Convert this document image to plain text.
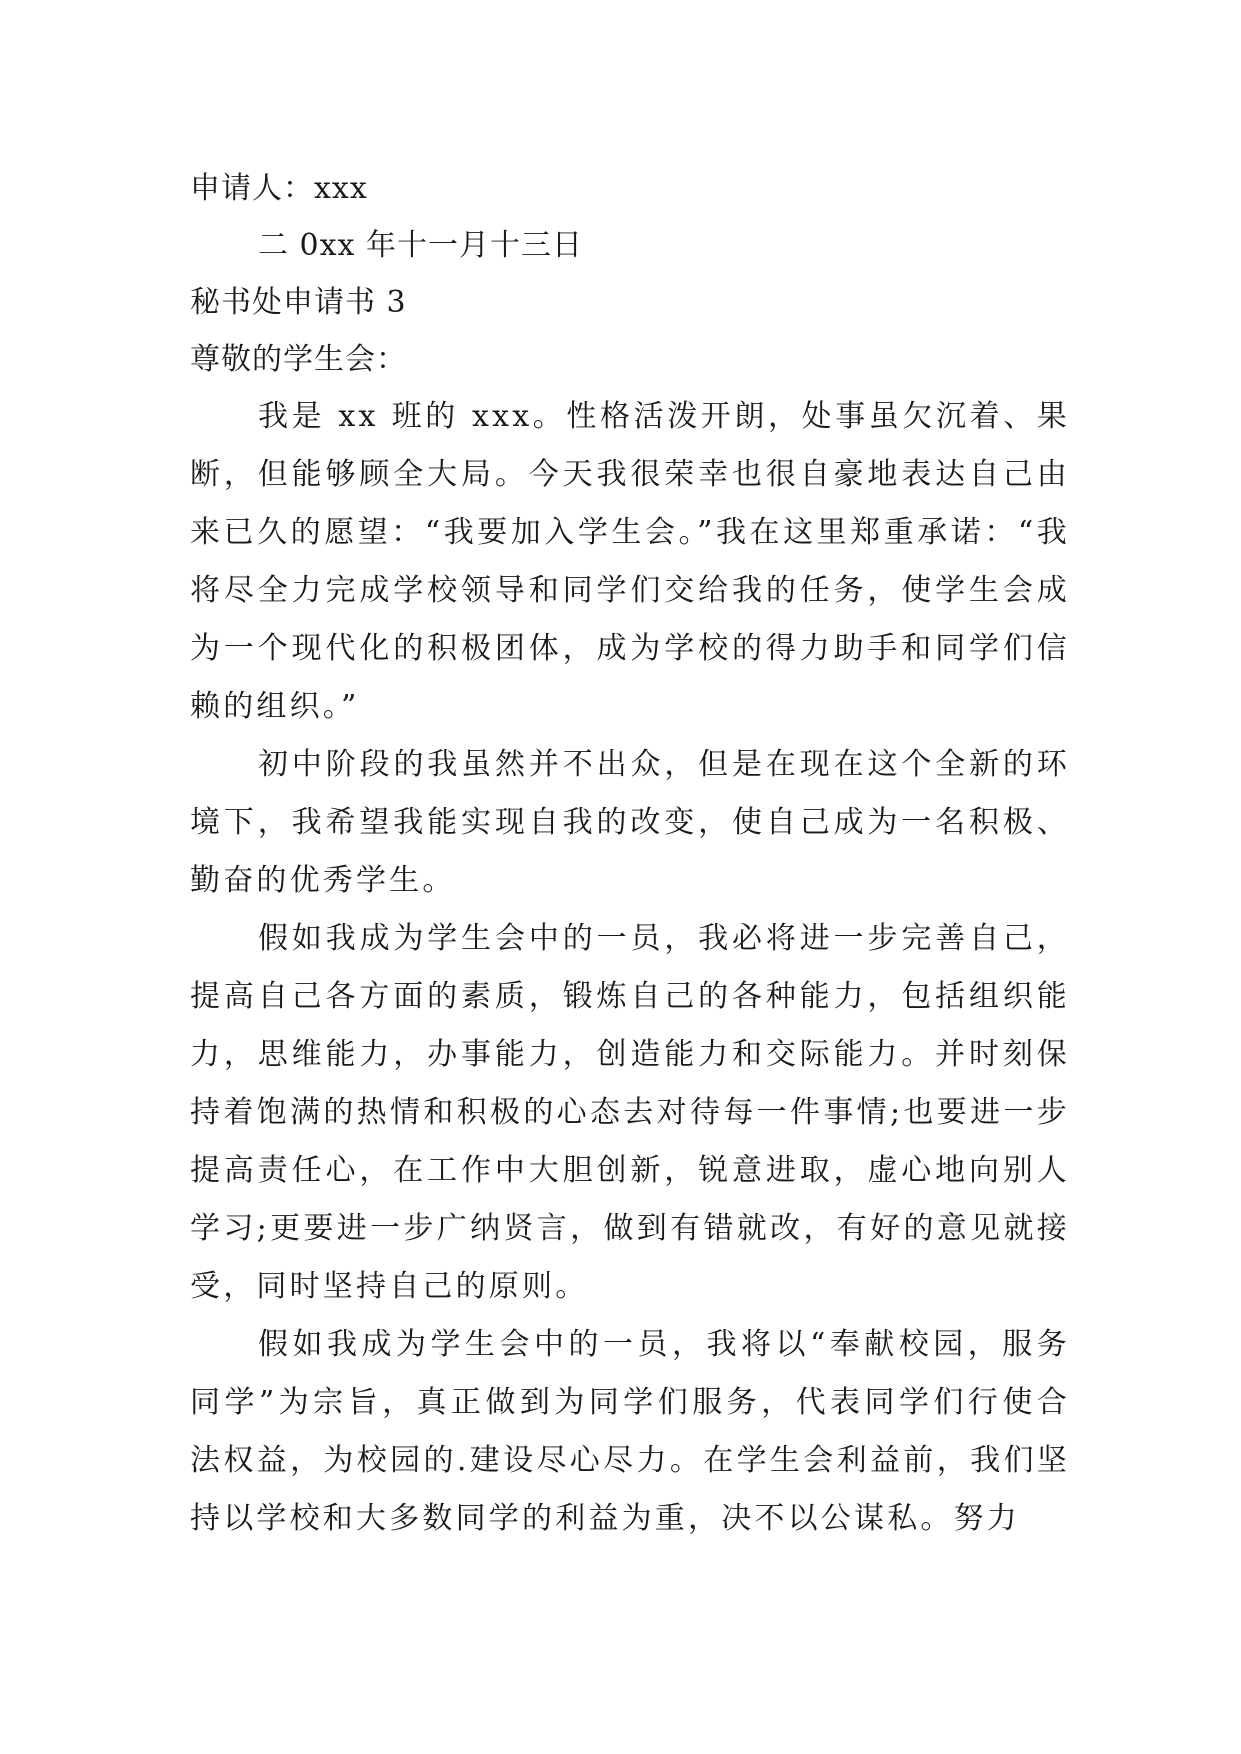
申请人：xxx

二 0xx 年十一月十三日

秘书处申请书 3

尊敬的学生会：

我是 xx 班的 xxx。性格活泼开朗，处事虽欠沉着、果断，但能够顾全大局。今天我很荣幸也很自豪地表达自己由来已久的愿望：“我要加入学生会。”我在这里郑重承诺：“我将尽全力完成学校领导和同学们交给我的任务，使学生会成为一个现代化的积极团体，成为学校的得力助手和同学们信赖的组织。”

初中阶段的我虽然并不出众，但是在现在这个全新的环境下，我希望我能实现自我的改变，使自己成为一名积极、勤奋的优秀学生。

假如我成为学生会中的一员，我必将进一步完善自己，提高自己各方面的素质，锻炼自己的各种能力，包括组织能力，思维能力，办事能力，创造能力和交际能力。并时刻保持着饱满的热情和积极的心态去对待每一件事情;也要进一步提高责任心，在工作中大胆创新，锐意进取，虚心地向别人学习;更要进一步广纳贤言，做到有错就改，有好的意见就接受，同时坚持自己的原则。

假如我成为学生会中的一员，我将以“奉献校园，服务同学”为宗旨，真正做到为同学们服务，代表同学们行使合法权益，为校园的.建设尽心尽力。在学生会利益前，我们坚持以学校和大多数同学的利益为重，决不以公谋私。努力
